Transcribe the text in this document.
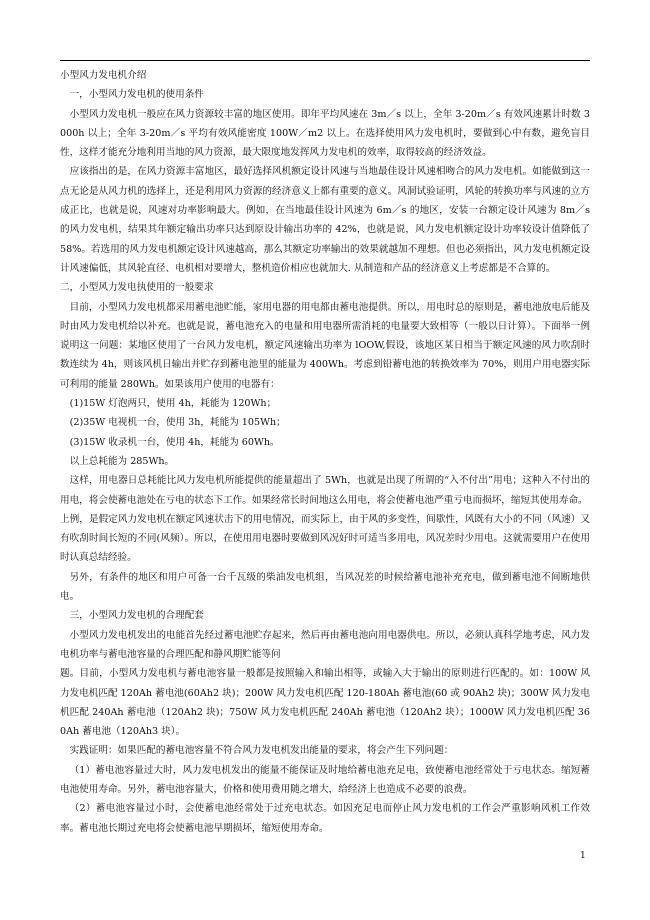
小型风力发电机介绍

一，小型风力发电机的使用条件

小型风力发电机一般应在风力资源较丰富的地区使用。即年平均风速在 3m／s 以上，全年 3-20m／s 有效风速累计时数 3000h 以上；全年 3-20m／s 平均有效风能密度 100W／m2 以上。在选择使用风力发电机时，要做到心中有数，避免盲目性，这样才能充分地利用当地的风力资源，最大限度地发挥风力发电机的效率，取得较高的经济效益。

应该指出的是，在风力资源丰富地区，最好选择风机额定设计风速与当地最佳设计风速相吻合的风力发电机。如能做到这一点无论是从风力机的选择上，还是利用风力资源的经济意义上都有重要的意义。风洞试验证明，风轮的转换功率与风速的立方成正比，也就是说，风速对功率影响最大。例如，在当地最佳设计风速为 6m／s 的地区，安装一台额定设计风速为 8m／s 的风力发电机，结果其年额定输出功率只达到原设计输出功率的 42%，也就是说，风力发电机额定设计功率较设计值降低了 58%。若选用的风力发电机额定设计风速越高，那么其额定功率输出的效果就越加不理想。但也必须指出，风力发电机额定设计风速偏低，其风轮直径、电机相对要增大，整机造价相应也就加大. 从制造和产品的经济意义上考虑都是不合算的。

二，小型风力发电执使用的一般要求

目前，小型风力发电机都采用蓄电池贮能，家用电器的用电都由蓄电池提供。所以，用电时总的原则是，蓄电池放电后能及时由风力发电机给以补充。也就是说，蓄电池充入的电量和用电器所需消耗的电量要大致相等（一般以日计算）。下面举一例说明这一问题：某地区使用了一台风力发电机，额定风速输出功率为 lOOW,假设，该地区某日相当于额定风速的风力吹刮时数连续为 4h，则该风机日输出并贮存到蓄电池里的能量为 400Wh。考虑到铅蓄电池的转换效率为 70%，则用户用电器实际可利用的能量 280Wh。如果该用户使用的电器有：

(1)15W 灯泡两只，使用 4h，耗能为 120Wh；

(2)35W 电视机一台，使用 3h，耗能为 105Wh；

(3)15W 收录机一台，使用 4h，耗能为 60Wh。

以上总耗能为 285Wh。

这样，用电器日总耗能比风力发电机所能提供的能量超出了 5Wh，也就是出现了所谓的“入不付出”用电；这种入不付出的用电，将会使蓄电池处在亏电的状态下工作。如果经常长时间地这么用电，将会使蓄电池严重亏电而损坏，缩短其使用寿命。

上例，是假定风力发电机在额定风速状击下的用电情况，而实际上，由于风的多变性，间歇性，风既有大小的不同（风速）又有吹刮时间长短的不同(风频）。所以，在使用用电器时要做到风况好时可适当多用电，风况差时少用电。这就需要用户在使用时认真总结经验。

另外，有条件的地区和用户可备一台千瓦级的柴油发电机组，当风况差的时候给蓄电池补充充电，做到蓄电池不间断地供电。

三，小型风力发电机的合理配套

小型风力发电机发出的电能首先经过蓄电池贮存起来，然后再由蓄电池向用电器供电。所以，必须认真科学地考虑，风力发电机功率与蓄电池容量的合理匹配和静风期贮能等问

题。目前，小型风力发电机与蓄电池容量一般都是按照输入和输出相等，或输入大于输出的原则进行匹配的。如：100W 风力发电机匹配 120Ah 蓄电池(60Ah2 块)；200W 风力发电机匹配 120-180Ah 蓄电池(60 或 90Ah2 块)；300W 风力发电机匹配 240Ah 蓄电池（120Ah2 块)；750W 风力发电机匹配 240Ah 蓄电池（120Ah2 块）；1000W 风力发电机匹配 360Ah 蓄电池（120Ah3 块）。

实践证明：如果匹配的蓄电池容量不符合风力发电机发出能量的要求，将会产生下列问题：

（1）蓄电池容量过大时，风力发电机发出的能量不能保证及时地给蓄电池充足电，致使蓄电池经常处于亏电状态。缩短蓄电池使用寿命。另外，蓄电池容量大，价格和使用费用随之增大，给经济上也造成不必要的浪费。

（2）蓄电池容量过小时，会使蓄电池经常处于过充电状态。如因充足电而停止风力发电机的工作会严重影响风机工作效率。蓄电池长期过充电将会使蓄电池早期损坏，缩短使用寿命。

1
